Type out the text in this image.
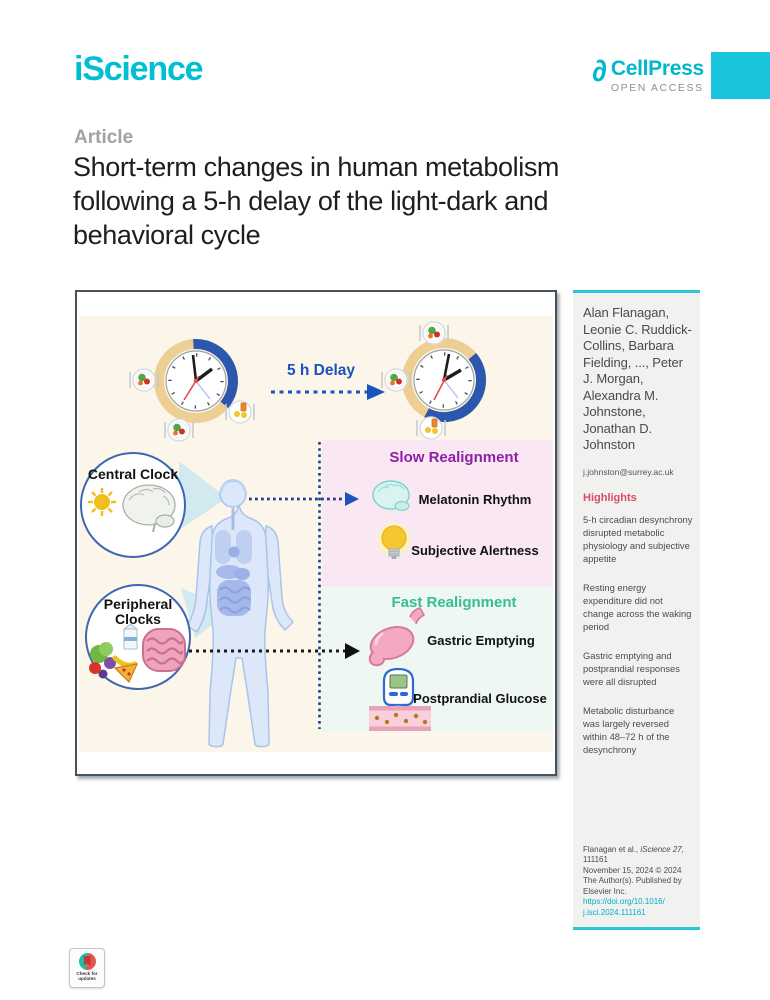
iScience	∂ CellPress
OPEN ACCESS
Article
Short-term changes in human metabolism
following a 5-h delay of the light-dark and
behavioral cycle
5 h Delay
Central Clock
Peripheral
Clocks
Slow Realignment
Melatonin Rhythm
Subjective Alertness
Fast Realignment
Gastric Emptying
Postprandial Glucose
Alan Flanagan, Leonie C. Ruddick-Collins, Barbara Fielding, ..., Peter J. Morgan, Alexandra M. Johnstone, Jonathan D. Johnston
j.johnston@surrey.ac.uk
Highlights

5-h circadian desynchrony disrupted metabolic physiology and subjective appetite

Resting energy expenditure did not change across the waking period

Gastric emptying and postprandial responses were all disrupted

Metabolic disturbance was largely reversed within 48–72 h of the desynchrony

Flanagan et al., iScience 27,
111161
November 15, 2024 © 2024 The Author(s). Published by Elsevier Inc.
https://doi.org/10.1016/
j.isci.2024.111161
Check for
updates
